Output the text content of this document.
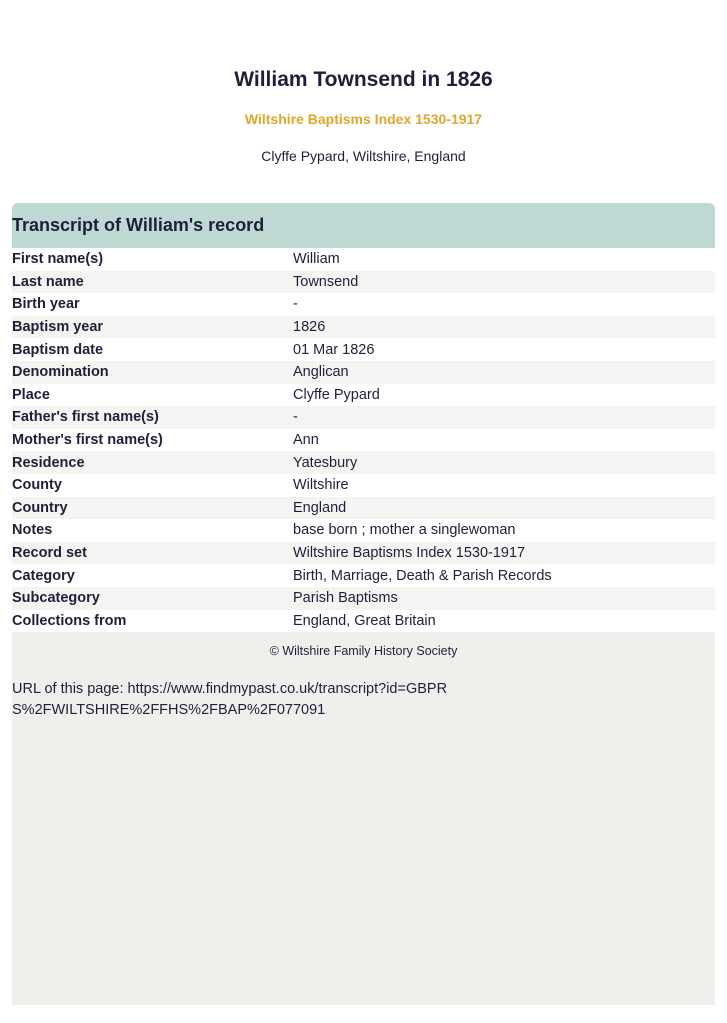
William Townsend in 1826
Wiltshire Baptisms Index 1530-1917
Clyffe Pypard, Wiltshire, England
Transcript of William's record
First name(s)	William
Last name	Townsend
Birth year	-
Baptism year	1826
Baptism date	01 Mar 1826
Denomination	Anglican
Place	Clyffe Pypard
Father's first name(s)	-
Mother's first name(s)	Ann
Residence	Yatesbury
County	Wiltshire
Country	England
Notes	base born ; mother a singlewoman
Record set	Wiltshire Baptisms Index 1530-1917
Category	Birth, Marriage, Death & Parish Records
Subcategory	Parish Baptisms
Collections from	England, Great Britain
© Wiltshire Family History Society
URL of this page: https://www.findmypast.co.uk/transcript?id=GBPRS%2FWILTSHIRE%2FFHS%2FBAP%2F077091
